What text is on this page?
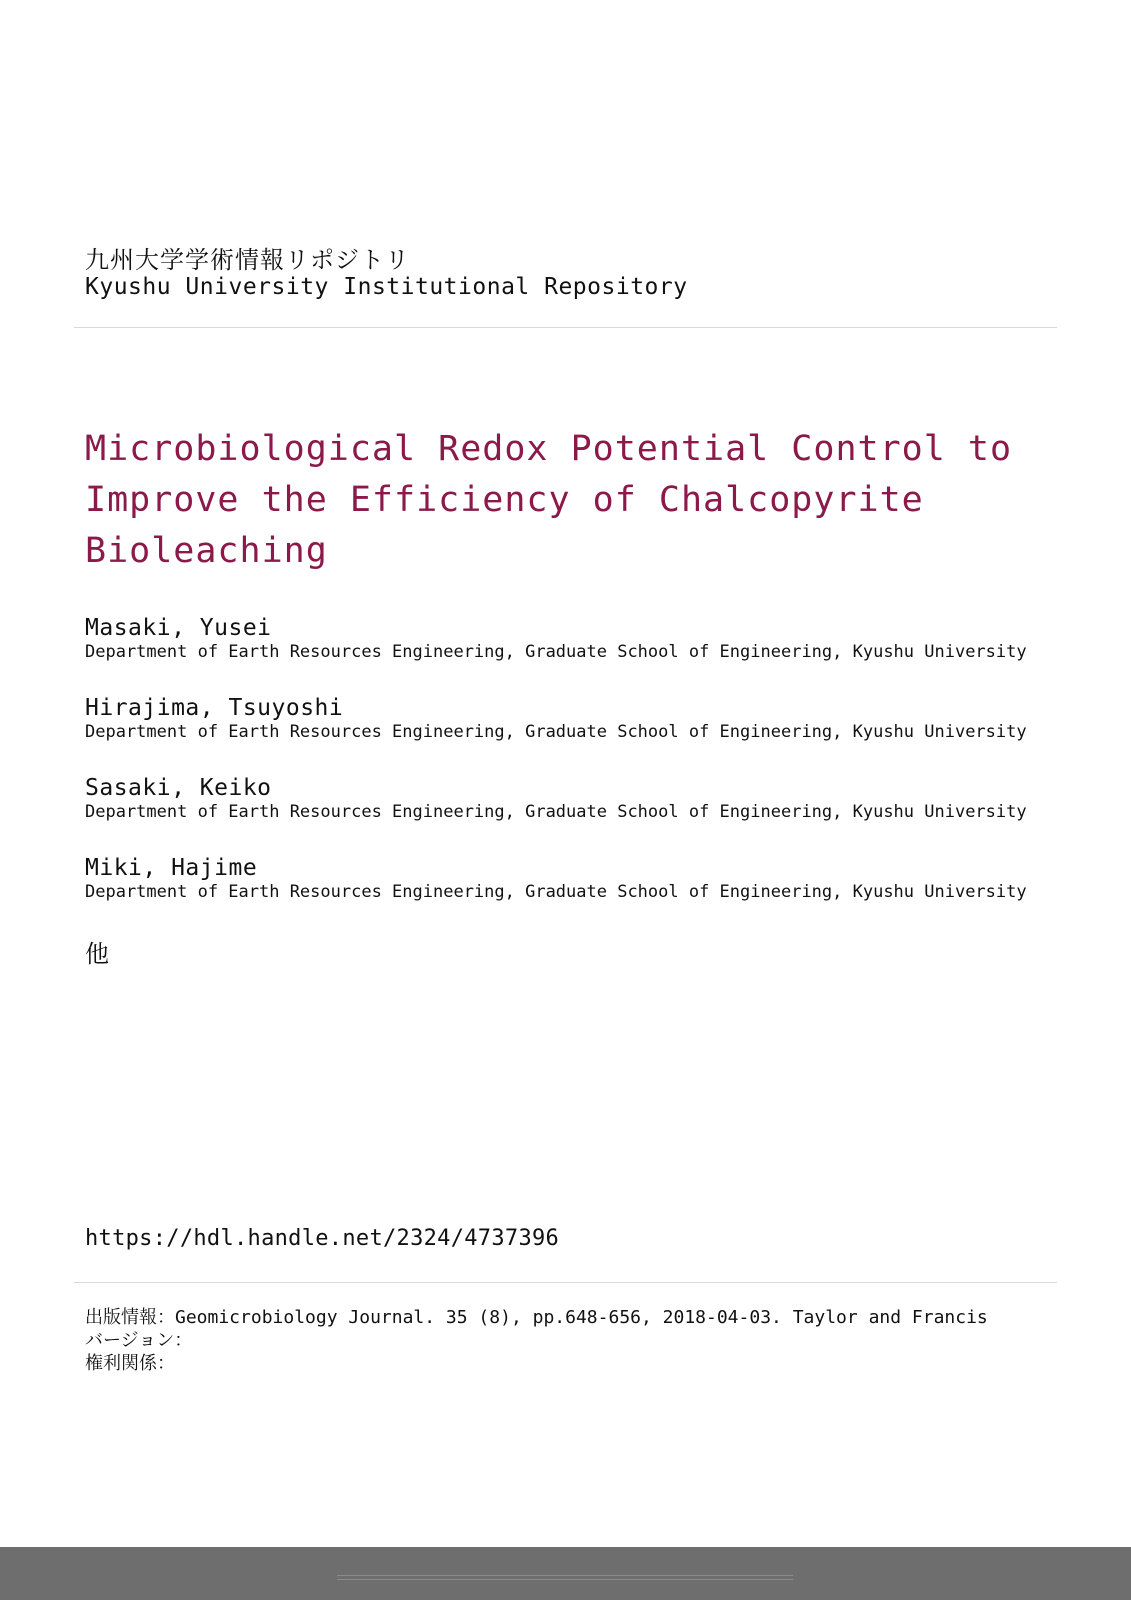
九州大学学術情報リポジトリ
Kyushu University Institutional Repository
Microbiological Redox Potential Control to Improve the Efficiency of Chalcopyrite Bioleaching
Masaki, Yusei
Department of Earth Resources Engineering, Graduate School of Engineering, Kyushu University
Hirajima, Tsuyoshi
Department of Earth Resources Engineering, Graduate School of Engineering, Kyushu University
Sasaki, Keiko
Department of Earth Resources Engineering, Graduate School of Engineering, Kyushu University
Miki, Hajime
Department of Earth Resources Engineering, Graduate School of Engineering, Kyushu University
他
https://hdl.handle.net/2324/4737396
出版情報：Geomicrobiology Journal. 35 (8), pp.648-656, 2018-04-03. Taylor and Francis
バージョン：
権利関係：
